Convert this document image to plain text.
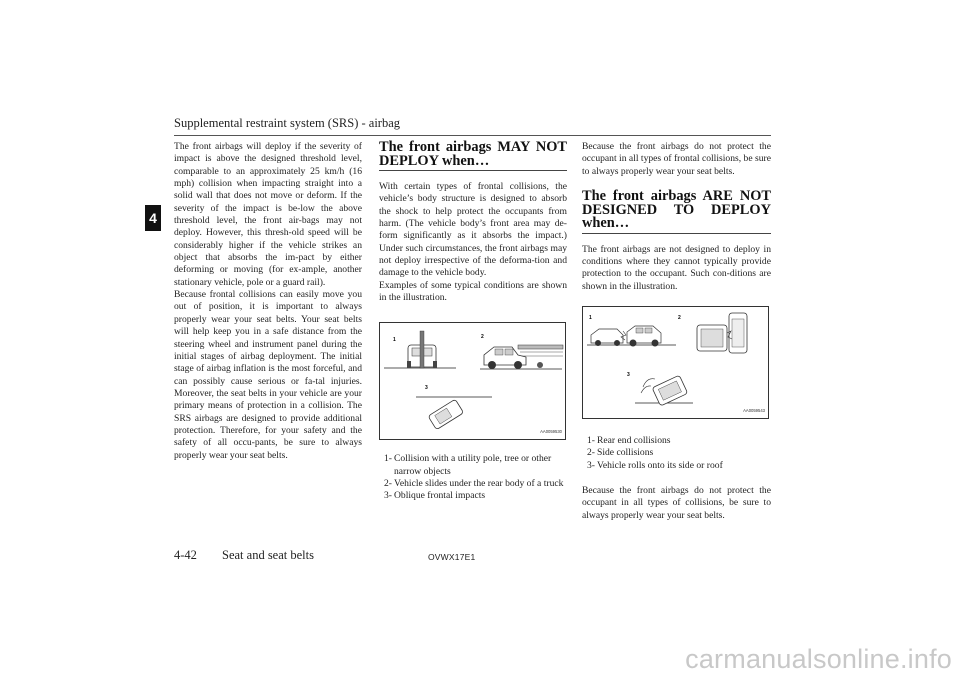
Supplemental restraint system (SRS) - airbag
4

The front airbags will deploy if the severity of impact is above the designed threshold level, comparable to an approximately 25 km/h (16 mph) collision when impacting straight into a solid wall that does not move or deform. If the severity of the impact is be-low the above threshold level, the front air-bags may not deploy. However, this thresh-old speed will be considerably higher if the vehicle strikes an object that absorbs the im-pact by either deforming or moving (for ex-ample, another stationary vehicle, pole or a guard rail).

Because frontal collisions can easily move you out of position, it is important to always properly wear your seat belts. Your seat belts will help keep you in a safe distance from the steering wheel and instrument panel during the initial stages of airbag deployment. The initial stage of airbag inflation is the most forceful, and can possibly cause serious or fa-tal injuries. Moreover, the seat belts in your vehicle are your primary means of protection in a collision. The SRS airbags are designed to provide additional protection. Therefore, for your safety and the safety of all occu-pants, be sure to always properly wear your seat belts.

The front airbags MAY NOT
DEPLOY when…

With certain types of frontal collisions, the vehicle’s body structure is designed to absorb the shock to help protect the occupants from harm. (The vehicle body’s front area may de-form significantly as it absorbs the impact.) Under such circumstances, the front airbags may not deploy irrespective of the deforma-tion and damage to the vehicle body.

Examples of some typical conditions are shown in the illustration.

1	2
3
AA0059530
1- Collision with a utility pole, tree or other narrow objects
2- Vehicle slides under the rear body of a truck
3- Oblique frontal impacts

Because the front airbags do not protect the occupant in all types of frontal collisions, be sure to always properly wear your seat belts.

The front airbags ARE NOT
DESIGNED TO DEPLOY
when…

The front airbags are not designed to deploy in conditions where they cannot typically provide protection to the occupant. Such con-ditions are shown in the illustration.

1	2
3
AA0059543
1- Rear end collisions
2- Side collisions
3- Vehicle rolls onto its side or roof

Because the front airbags do not protect the occupant in all types of collisions, be sure to always properly wear your seat belts.

4-42 Seat and seat belts	OVWX17E1
carmanualsonline.info
